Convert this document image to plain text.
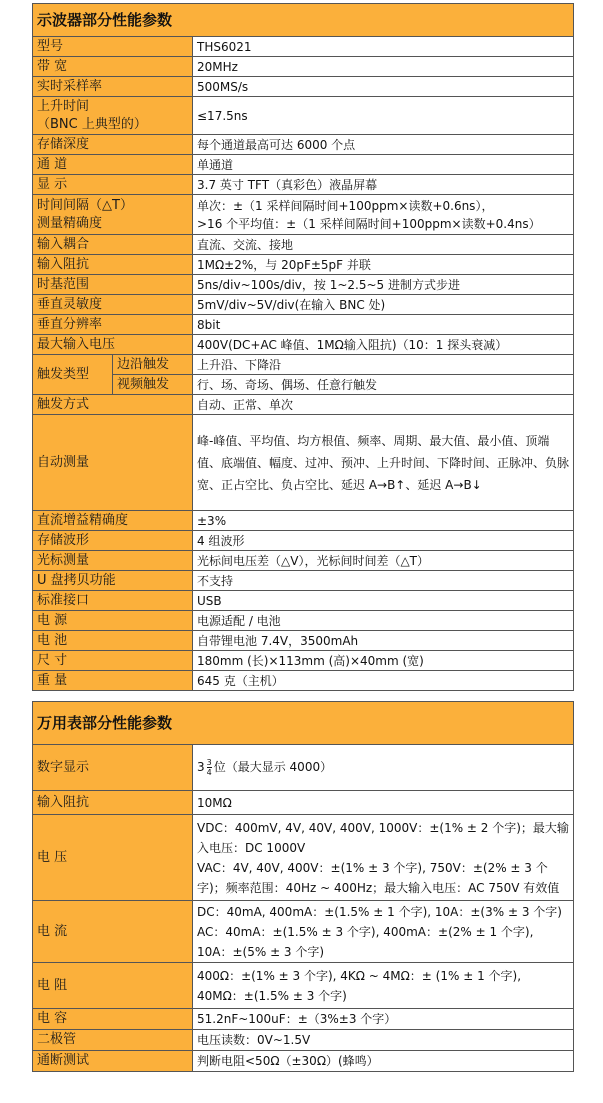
示波器部分性能参数		
型号		THS6021
带 宽		20MHz
实时采样率		500MS/s
上升时间
（BNC 上典型的）		≤17.5ns
存储深度		每个通道最高可达 6000 个点
通 道		单通道
显 示		3.7 英寸 TFT（真彩色）液晶屏幕
时间间隔（△T）
测量精确度		单次：±（1 采样间隔时间+100ppm×读数+0.6ns），
>16 个平均值：±（1 采样间隔时间+100ppm×读数+0.4ns）
输入耦合		直流、交流、接地
输入阻抗		1MΩ±2%，与 20pF±5pF 并联
时基范围		5ns/div~100s/div，按 1~2.5~5 进制方式步进
垂直灵敏度		5mV/div~5V/div(在输入 BNC 处)
垂直分辨率		8bit
最大输入电压		400V(DC+AC 峰值、1MΩ输入阻抗)（10：1 探头衰减）
触发类型	边沿触发	上升沿、下降沿
	视频触发	行、场、奇场、偶场、任意行触发
触发方式		自动、正常、单次
自动测量		峰-峰值、平均值、均方根值、频率、周期、最大值、最小值、顶端值、底端值、幅度、过冲、预冲、上升时间、下降时间、正脉冲、负脉宽、正占空比、负占空比、延迟 A→B↑、延迟 A→B↓
直流增益精确度		±3%
存储波形		4 组波形
光标测量		光标间电压差（△V），光标间时间差（△T）
U 盘拷贝功能		不支持
标准接口		USB
电 源		电源适配 / 电池
电 池		自带锂电池 7.4V，3500mAh
尺 寸		180mm (长)×113mm (高)×40mm (宽)
重 量		645 克（主机）

万用表部分性能参数		
数字显示		$3 \frac{3}{4}$ 位（最大显示 4000）
输入阻抗		10MΩ
电 压		VDC：400mV, 4V, 40V, 400V, 1000V：±(1% ± 2 个字)；最大输入电压：DC 1000V
VAC：4V, 40V, 400V：±(1% ± 3 个字), 750V：±(2% ± 3 个字)；频率范围：40Hz ~ 400Hz；最大输入电压：AC 750V 有效值
电 流		DC：40mA, 400mA：±(1.5% ± 1 个字), 10A：±(3% ± 3 个字)
AC：40mA：±(1.5% ± 3 个字), 400mA：±(2% ± 1 个字), 10A：±(5% ± 3 个字)
电 阻		400Ω：±(1% ± 3 个字), 4KΩ ~ 4MΩ：± (1% ± 1 个字), 40MΩ：±(1.5% ± 3 个字)
电 容		51.2nF~100uF：±（3%±3 个字）
二极管		电压读数：0V~1.5V
通断测试		判断电阻<50Ω（±30Ω）(蜂鸣）
